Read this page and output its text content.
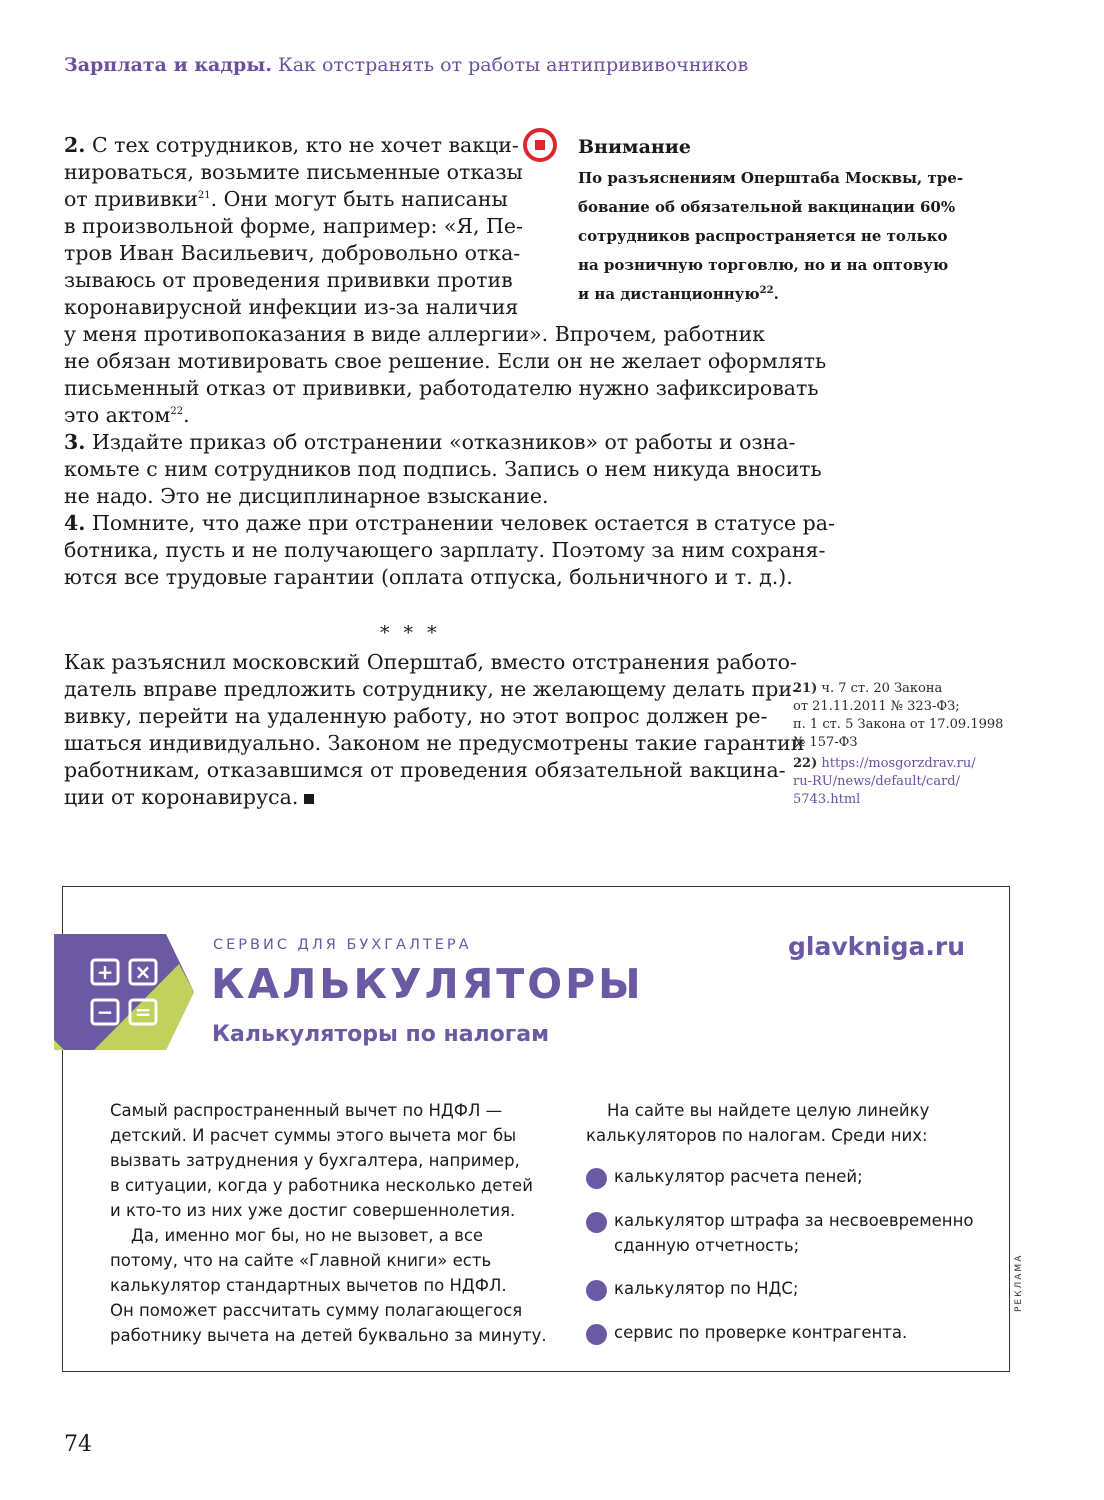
Зарплата и кадры. Как отстранять от работы антипрививочников
2. С тех сотрудников, кто не хочет вакци-
нироваться, возьмите письменные отказы
от прививки$^{21}$. Они могут быть написаны
в произвольной форме, например: «Я, Пе-
тров Иван Васильевич, добровольно отка-
зываюсь от проведения прививки против
коронавирусной инфекции из-за наличия
у меня противопоказания в виде аллергии». Впрочем, работник
не обязан мотивировать свое решение. Если он не желает оформлять
письменный отказ от прививки, работодателю нужно зафиксировать
это актом$^{22}$.
3. Издайте приказ об отстранении «отказников» от работы и озна-
комьте с ним сотрудников под подпись. Запись о нем никуда вносить
не надо. Это не дисциплинарное взыскание.
4. Помните, что даже при отстранении человек остается в статусе ра-
ботника, пусть и не получающего зарплату. Поэтому за ним сохраня-
ются все трудовые гарантии (оплата отпуска, больничного и т. д.).
Внимание
По разъяснениям Оперштаба Москвы, тре-
бование об обязательной вакцинации 60%
сотрудников распространяется не только
на розничную торговлю, но и на оптовую
и на дистанционную$^{22}$.
* * *
Как разъяснил московский Оперштаб, вместо отстранения работо-
датель вправе предложить сотруднику, не желающему делать при-
вивку, перейти на удаленную работу, но этот вопрос должен ре-
шаться индивидуально. Законом не предусмотрены такие гарантии
работникам, отказавшимся от проведения обязательной вакцина-
ции от коронавируса.
21) ч. 7 ст. 20 Закона
от 21.11.2011 № 323-ФЗ;
п. 1 ст. 5 Закона от 17.09.1998
№ 157-ФЗ
22) https://mosgorzdrav.ru/
ru-RU/news/default/card/
5743.html
РЕКЛАМА
+ ×
− =
СЕРВИС ДЛЯ БУХГАЛТЕРА
КАЛЬКУЛЯТОРЫ
Калькуляторы по налогам
glavkniga.ru
Самый распространенный вычет по НДФЛ —
детский. И расчет суммы этого вычета мог бы
вызвать затруднения у бухгалтера, например,
в ситуации, когда у работника несколько детей
и кто-то из них уже достиг совершеннолетия.
Да, именно мог бы, но не вызовет, а все
потому, что на сайте «Главной книги» есть
калькулятор стандартных вычетов по НДФЛ.
Он поможет рассчитать сумму полагающегося
работнику вычета на детей буквально за минуту.
На сайте вы найдете целую линейку
калькуляторов по налогам. Среди них:
калькулятор расчета пеней;
калькулятор штрафа за несвоевременно
сданную отчетность;
калькулятор по НДС;
сервис по проверке контрагента.
74
